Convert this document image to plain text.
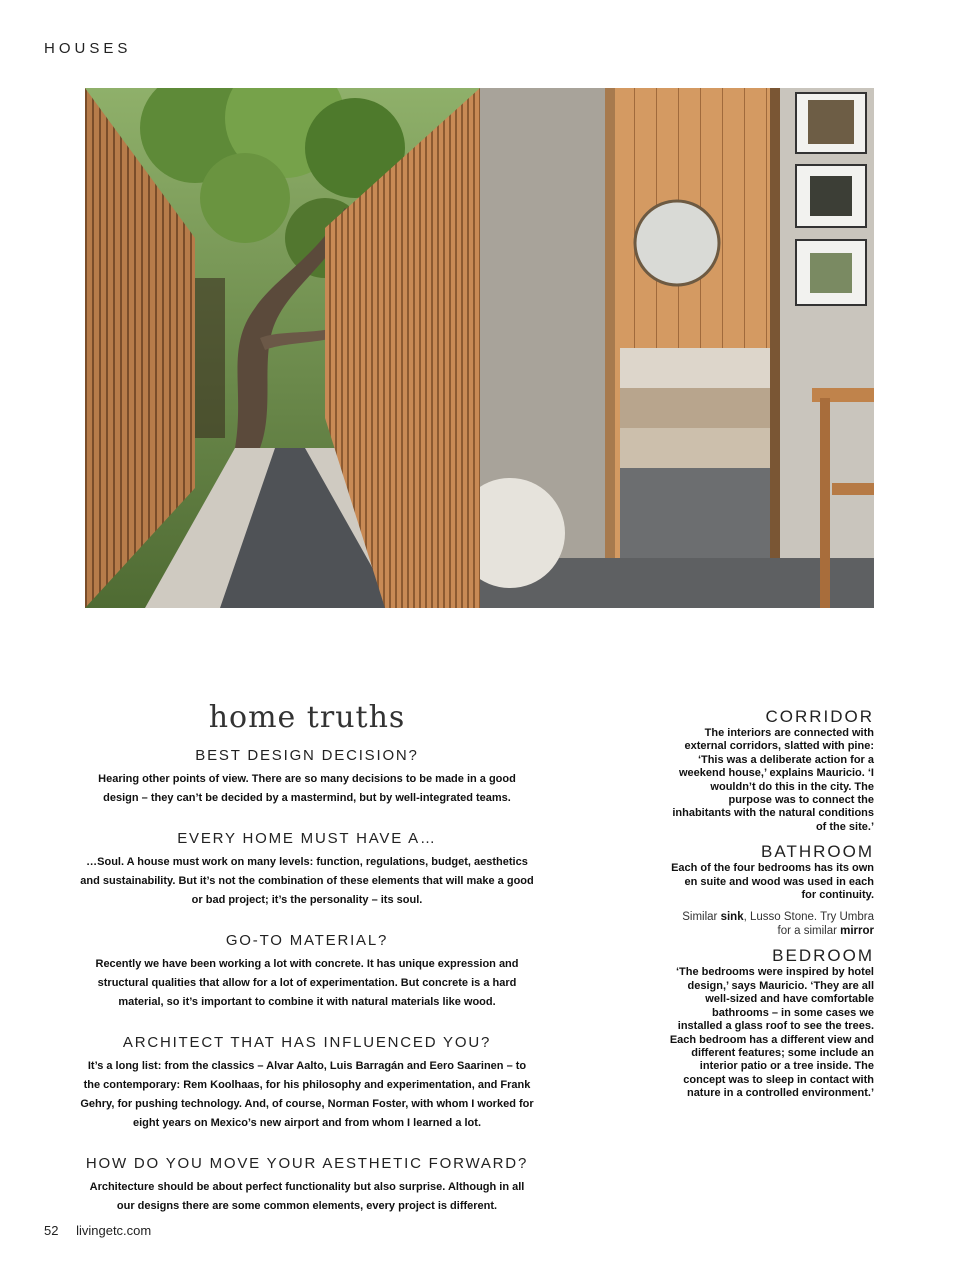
HOUSES
home truths
BEST DESIGN DECISION?

Hearing other points of view. There are so many decisions to be made in a good design – they can’t be decided by a mastermind, but by well-integrated teams.

EVERY HOME MUST HAVE A…

…Soul. A house must work on many levels: function, regulations, budget, aesthetics and sustainability. But it’s not the combination of these elements that will make a good or bad project; it’s the personality – its soul.

GO-TO MATERIAL?

Recently we have been working a lot with concrete. It has unique expression and structural qualities that allow for a lot of experimentation. But concrete is a hard material, so it’s important to combine it with natural materials like wood.

ARCHITECT THAT HAS INFLUENCED YOU?

It’s a long list: from the classics – Alvar Aalto, Luis Barragán and Eero Saarinen – to the contemporary: Rem Koolhaas, for his philosophy and experimentation, and Frank Gehry, for pushing technology. And, of course, Norman Foster, with whom I worked for eight years on Mexico’s new airport and from whom I learned a lot.

HOW DO YOU MOVE YOUR AESTHETIC FORWARD?

Architecture should be about perfect functionality but also surprise. Although in all our designs there are some common elements, every project is different.

CORRIDOR

The interiors are connected with external corridors, slatted with pine: ‘This was a deliberate action for a weekend house,’ explains Mauricio. ‘I wouldn’t do this in the city. The purpose was to connect the inhabitants with the natural conditions of the site.’

BATHROOM

Each of the four bedrooms has its own en suite and wood was used in each for continuity.

Similar sink, Lusso Stone. Try Umbra for a similar mirror

BEDROOM

‘The bedrooms were inspired by hotel design,’ says Mauricio. ‘They are all well-sized and have comfortable bathrooms – in some cases we installed a glass roof to see the trees. Each bedroom has a different view and different features; some include an interior patio or a tree inside. The concept was to sleep in contact with nature in a controlled environment.’

52 livingetc.com
